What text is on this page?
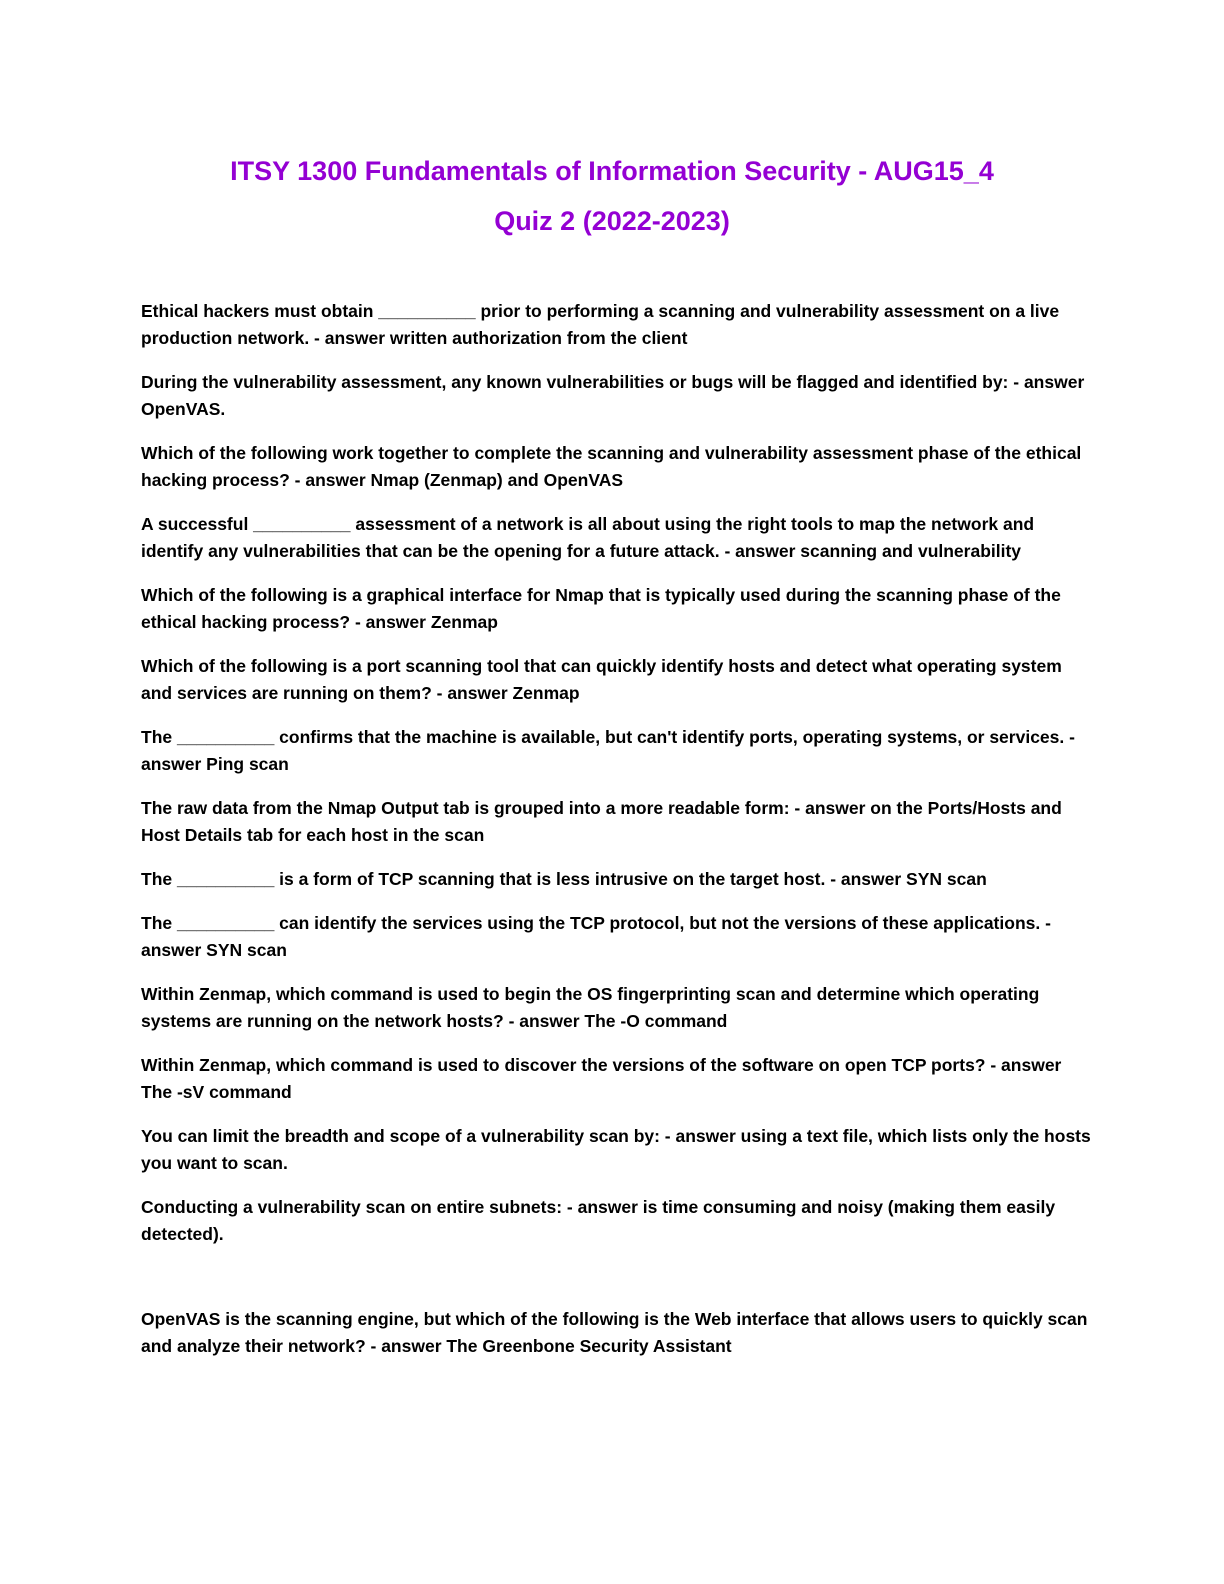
ITSY 1300 Fundamentals of Information Security - AUG15_4
Quiz 2 (2022-2023)

Ethical hackers must obtain __________ prior to performing a scanning and vulnerability assessment on a live production network. - answer written authorization from the client

During the vulnerability assessment, any known vulnerabilities or bugs will be flagged and identified by: - answer OpenVAS.

Which of the following work together to complete the scanning and vulnerability assessment phase of the ethical hacking process? - answer Nmap (Zenmap) and OpenVAS

A successful __________ assessment of a network is all about using the right tools to map the network and identify any vulnerabilities that can be the opening for a future attack. - answer scanning and vulnerability

Which of the following is a graphical interface for Nmap that is typically used during the scanning phase of the ethical hacking process? - answer Zenmap

Which of the following is a port scanning tool that can quickly identify hosts and detect what operating system and services are running on them? - answer Zenmap

The __________ confirms that the machine is available, but can't identify ports, operating systems, or services. - answer Ping scan

The raw data from the Nmap Output tab is grouped into a more readable form: - answer on the Ports/Hosts and Host Details tab for each host in the scan

The __________ is a form of TCP scanning that is less intrusive on the target host. - answer SYN scan

The __________ can identify the services using the TCP protocol, but not the versions of these applications. - answer SYN scan

Within Zenmap, which command is used to begin the OS fingerprinting scan and determine which operating systems are running on the network hosts? - answer The -O command

Within Zenmap, which command is used to discover the versions of the software on open TCP ports? - answer The -sV command

You can limit the breadth and scope of a vulnerability scan by: - answer using a text file, which lists only the hosts you want to scan.

Conducting a vulnerability scan on entire subnets: - answer is time consuming and noisy (making them easily detected).

OpenVAS is the scanning engine, but which of the following is the Web interface that allows users to quickly scan and analyze their network? - answer The Greenbone Security Assistant
